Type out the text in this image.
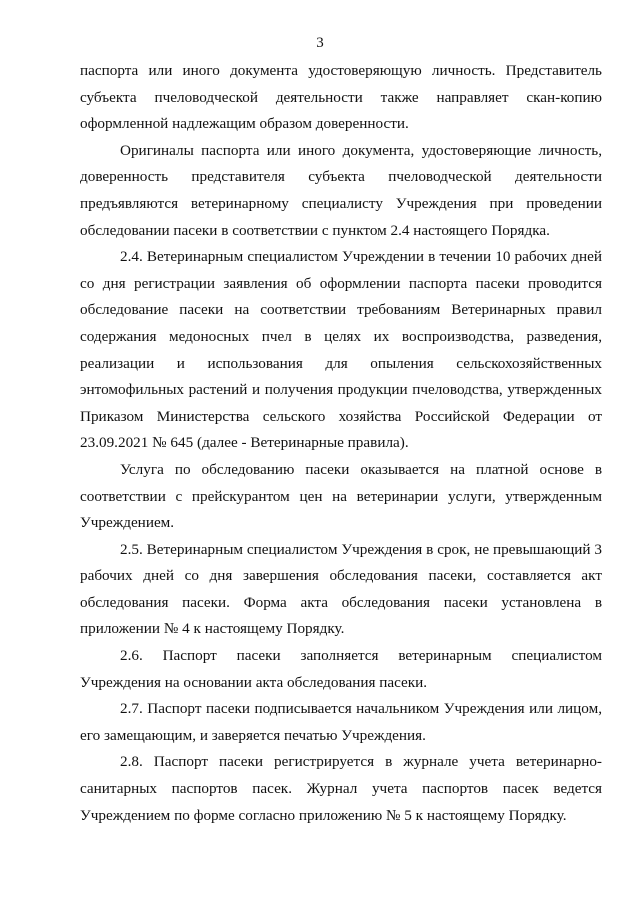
3

паспорта или иного документа удостоверяющую личность. Представитель субъекта пчеловодческой деятельности также направляет скан-копию оформленной надлежащим образом доверенности.

Оригиналы паспорта или иного документа, удостоверяющие личность, доверенность представителя субъекта пчеловодческой деятельности предъявляются ветеринарному специалисту Учреждения при проведении обследовании пасеки в соответствии с пунктом 2.4 настоящего Порядка.

2.4. Ветеринарным специалистом Учреждении в течении 10 рабочих дней со дня регистрации заявления об оформлении паспорта пасеки проводится обследование пасеки на соответствии требованиям Ветеринарных правил содержания медоносных пчел в целях их воспроизводства, разведения, реализации и использования для опыления сельскохозяйственных энтомофильных растений и получения продукции пчеловодства, утвержденных Приказом Министерства сельского хозяйства Российской Федерации от 23.09.2021 № 645 (далее - Ветеринарные правила).

Услуга по обследованию пасеки оказывается на платной основе в соответствии с прейскурантом цен на ветеринарии услуги, утвержденным Учреждением.

2.5. Ветеринарным специалистом Учреждения в срок, не превышающий 3 рабочих дней со дня завершения обследования пасеки, составляется акт обследования пасеки. Форма акта обследования пасеки установлена в приложении № 4 к настоящему Порядку.

2.6. Паспорт пасеки заполняется ветеринарным специалистом Учреждения на основании акта обследования пасеки.

2.7. Паспорт пасеки подписывается начальником Учреждения или лицом, его замещающим, и заверяется печатью Учреждения.

2.8. Паспорт пасеки регистрируется в журнале учета ветеринарно-санитарных паспортов пасек. Журнал учета паспортов пасек ведется Учреждением по форме согласно приложению № 5 к настоящему Порядку.
